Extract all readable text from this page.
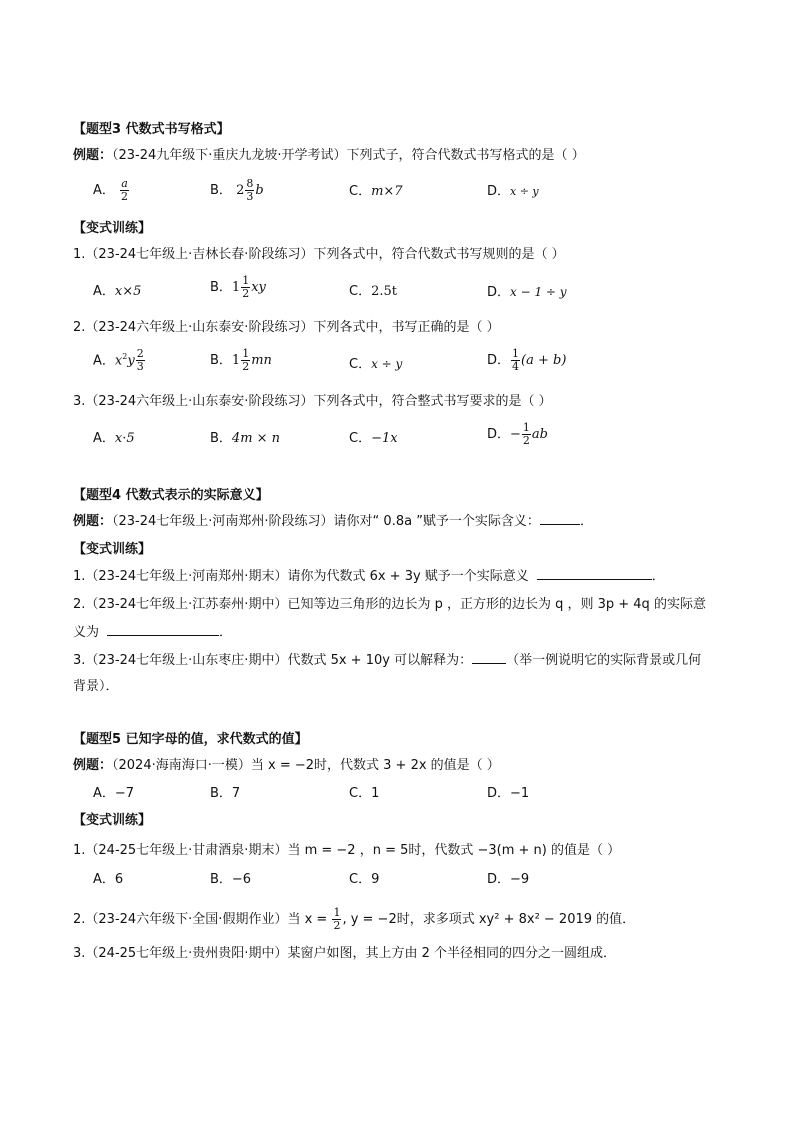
【题型3 代数式书写格式】
例题：（23-24九年级下·重庆九龙坡·开学考试）下列式子，符合代数式书写格式的是（ ）
A． $\frac{a}{2}$	B． $2 \frac{8}{3}$ b	C．m×7	D．x ÷ y
【变式训练】
1.（23-24七年级上·吉林长春·阶段练习）下列各式中，符合代数式书写规则的是（ ）
A．x×5	B．$1 \frac{1}{2}$ xy	C．2.5t	D．x − 1 ÷ y
2.（23-24六年级上·山东泰安·阶段练习）下列各式中，书写正确的是（ ）
A．$x^2y \frac{2}{3}$	B．$1 \frac{1}{2}$ mn	C．x ÷ y	D． $\frac{1}{4} (a + b)$
3.（23-24六年级上·山东泰安·阶段练习）下列各式中，符合整式书写要求的是（ ）
A．x·5	B．4m × n	C．−1x	D．− $\frac{1}{2}$ ab
【题型4 代数式表示的实际意义】
例题：（23-24七年级上·河南郑州·阶段练习）请你对“ 0.8a ”赋予一个实际含义：	．
【变式训练】
1.（23-24七年级上·河南郑州·期末）请你为代数式 6x + 3y 赋予一个实际意义	．
2.（23-24七年级上·江苏泰州·期中）已知等边三角形的边长为 p ，正方形的边长为 q ，则 3p + 4q 的实际意
义为	．
3.（23-24七年级上·山东枣庄·期中）代数式 5x + 10y 可以解释为：	（举一例说明它的实际背景或几何
背景）．
【题型5 已知字母的值，求代数式的值】
例题：（2024·海南海口·一模）当 x = −2时，代数式 3 + 2x 的值是（ ）
A．−7	B．7	C．1	D．−1
【变式训练】
1.（24-25七年级上·甘肃酒泉·期末）当 m = −2 ，n = 5时，代数式 −3(m + n) 的值是（ ）
A．6	B．−6	C．9	D．−9
2.（23-24六年级下·全国·假期作业）当 $x = \frac{1}{2}$ , y = −2时，求多项式 xy² + 8x² − 2019 的值．
3.（24-25七年级上·贵州贵阳·期中）某窗户如图，其上方由 2 个半径相同的四分之一圆组成．
